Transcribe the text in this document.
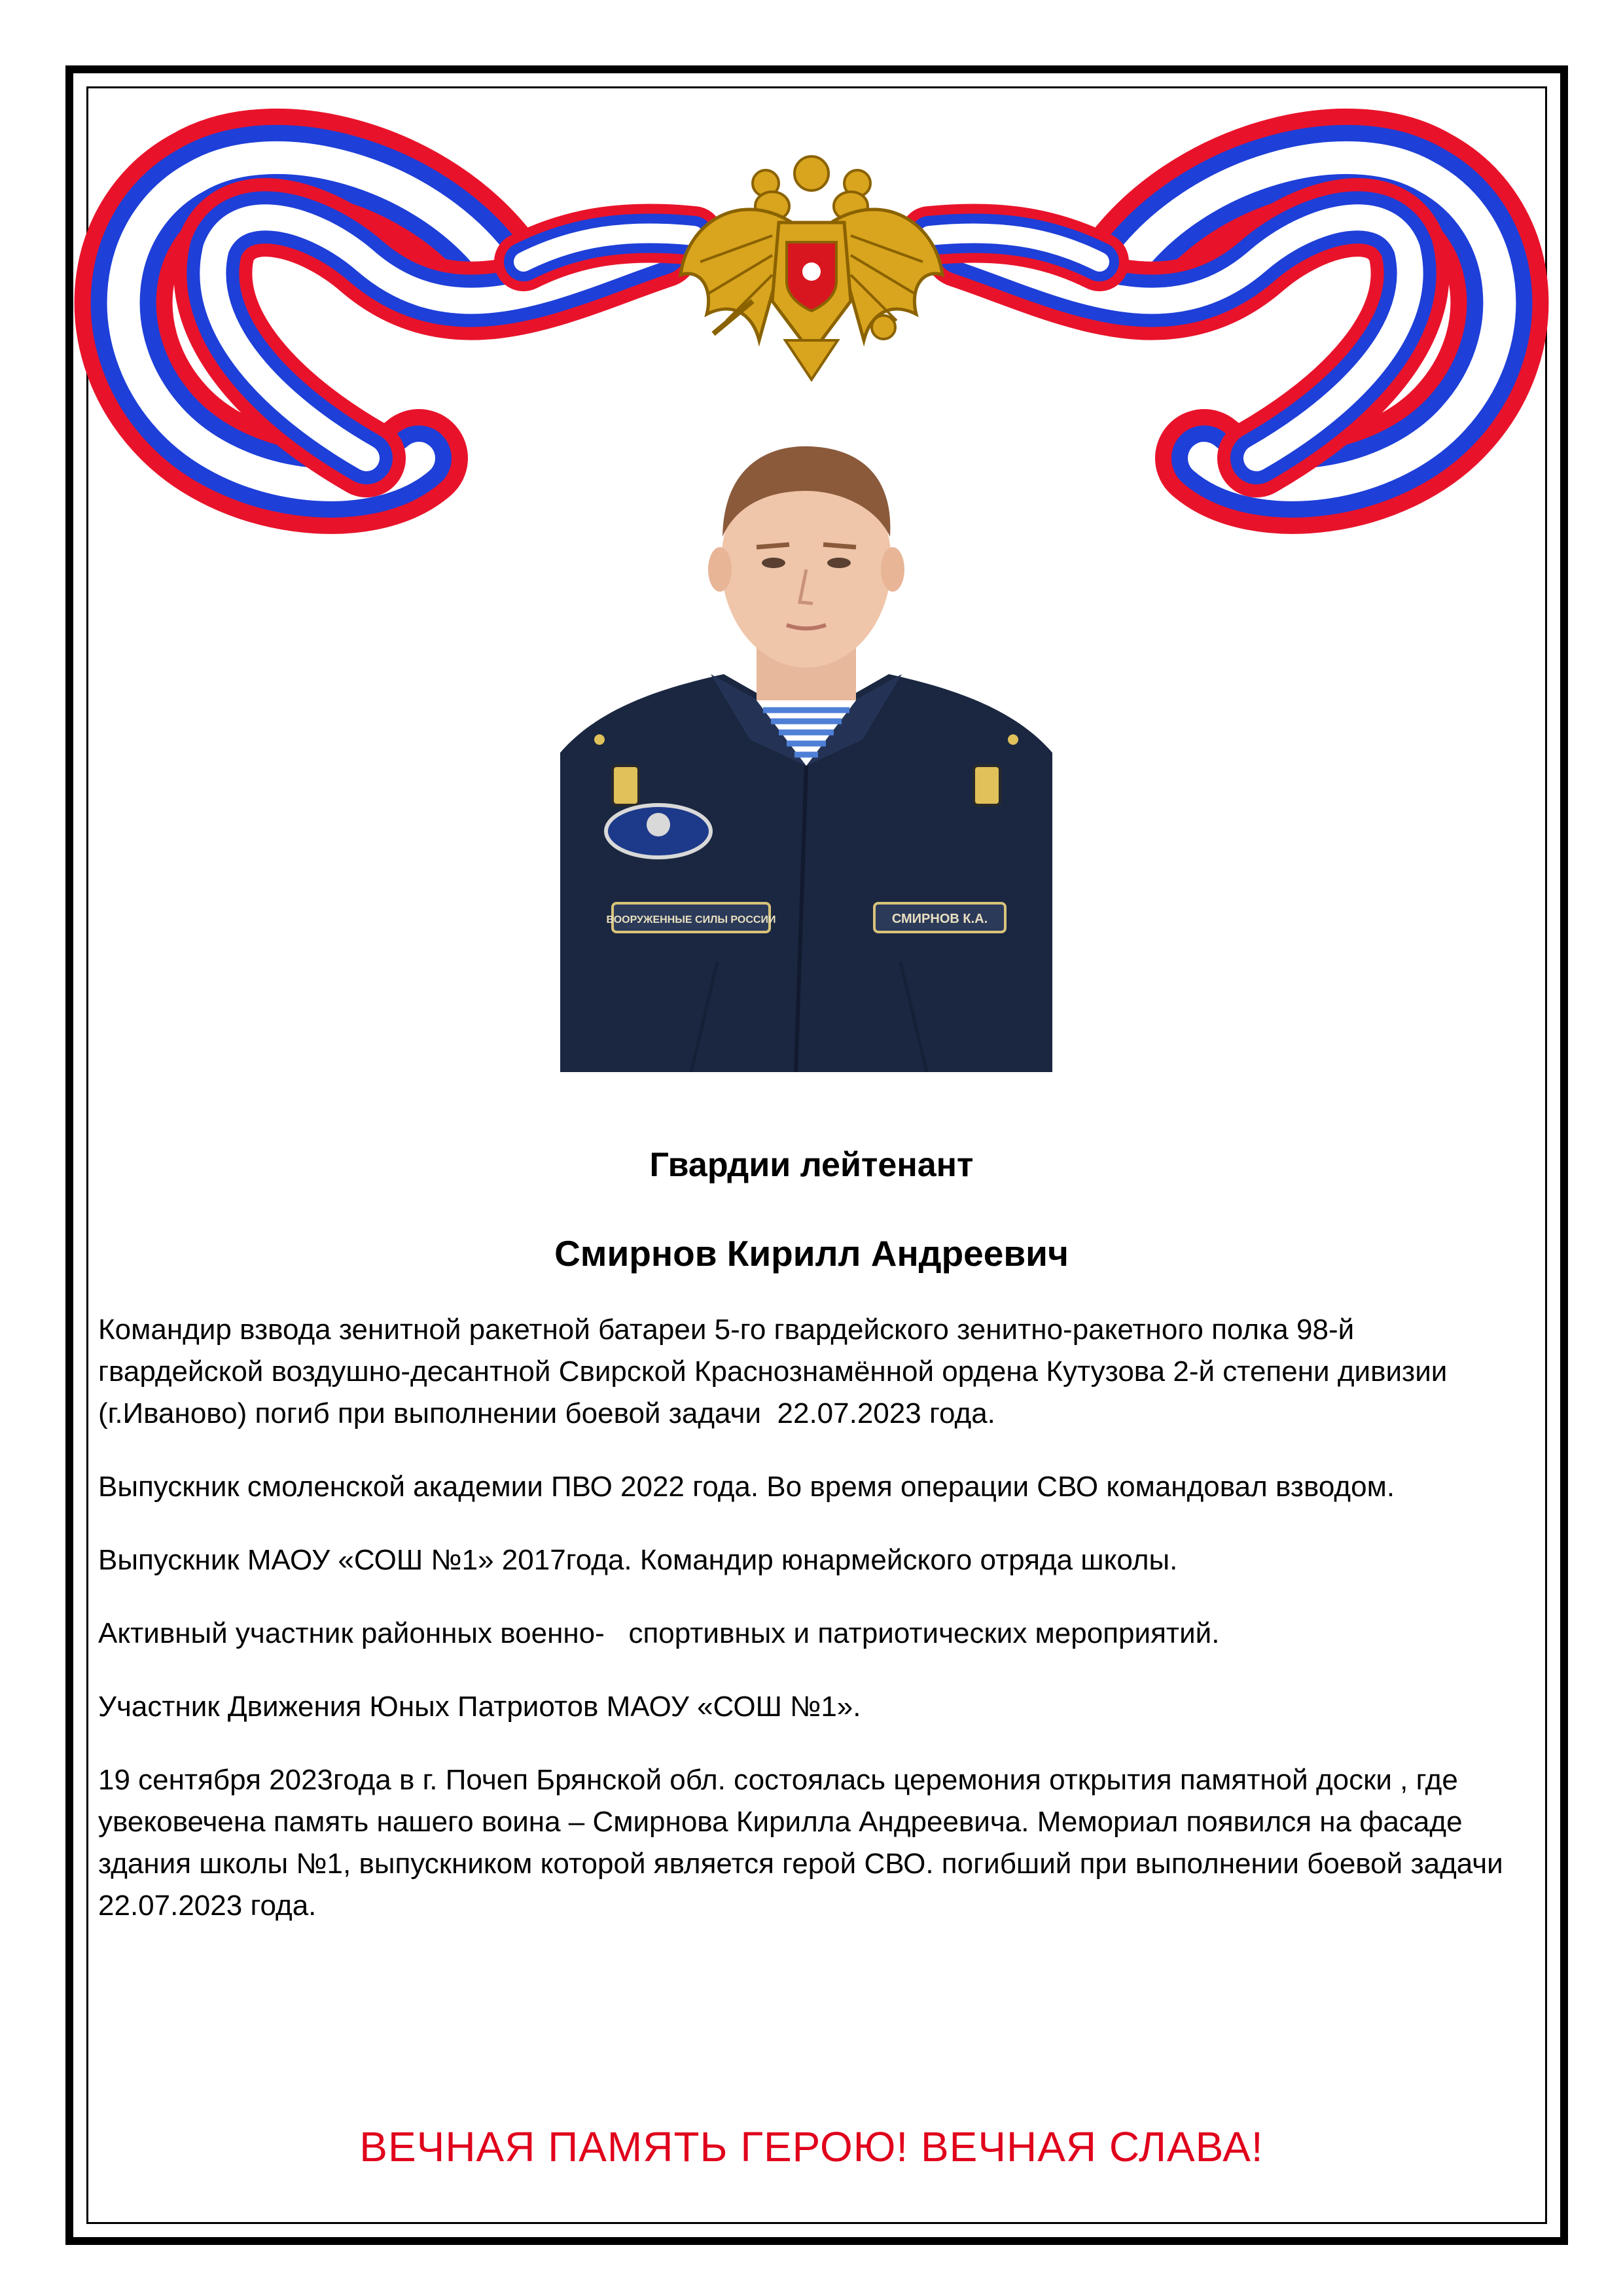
ВООРУЖЕННЫЕ СИЛЫ РОССИИ	СМИРНОВ К.А.
Гвардии лейтенант
Смирнов Кирилл Андреевич

Командир взвода зенитной ракетной батареи 5-го гвардейского зенитно-ракетного полка 98-й гвардейской воздушно-десантной Свирской Краснознамённой ордена Кутузова 2-й степени дивизии (г.Иваново) погиб при выполнении боевой задачи  22.07.2023 года.

Выпускник смоленской академии ПВО 2022 года. Во время операции СВО командовал взводом.

Выпускник МАОУ «СОШ №1» 2017года. Командир юнармейского отряда школы.

Активный участник районных военно-   спортивных и патриотических мероприятий.

Участник Движения Юных Патриотов МАОУ «СОШ №1».

19 сентября 2023года в г. Почеп Брянской обл. состоялась церемония открытия памятной доски , где увековечена память нашего воина – Смирнова Кирилла Андреевича. Мемориал появился на фасаде здания школы №1, выпускником которой является герой СВО. погибший при выполнении боевой задачи    22.07.2023 года.

ВЕЧНАЯ ПАМЯТЬ ГЕРОЮ! ВЕЧНАЯ СЛАВА!
